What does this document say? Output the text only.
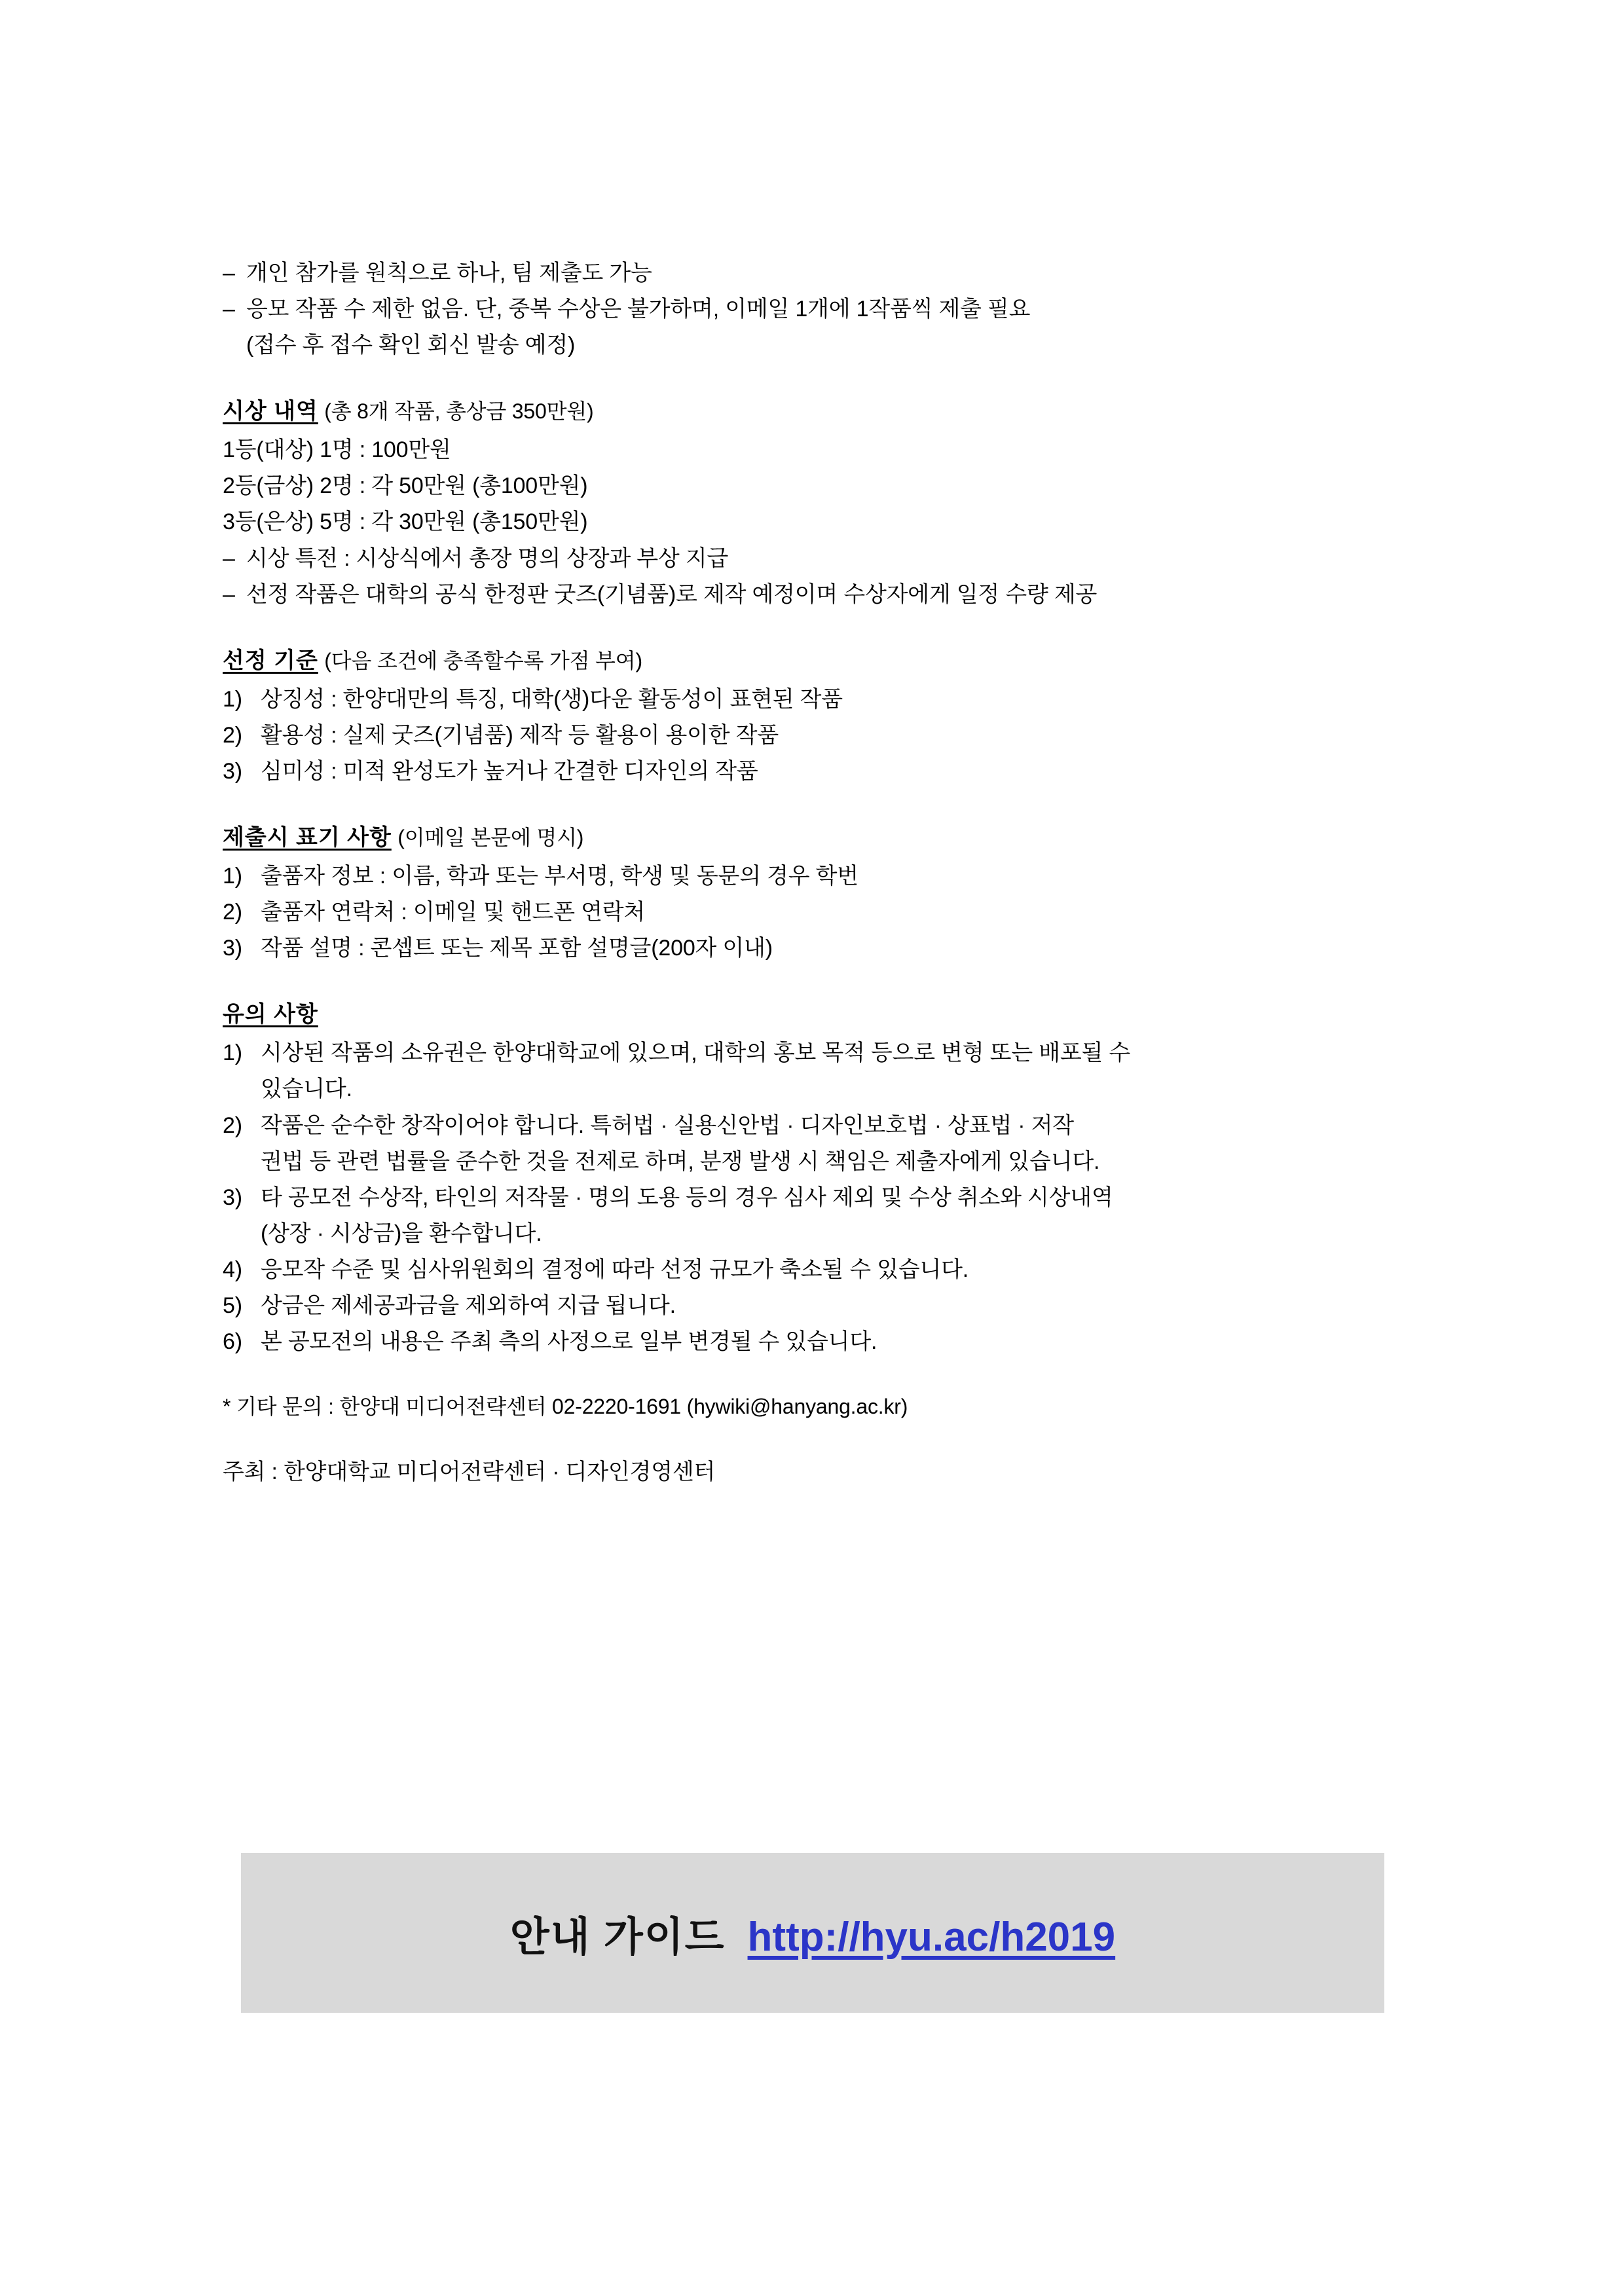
– 개인 참가를 원칙으로 하나, 팀 제출도 가능
– 응모 작품 수 제한 없음. 단, 중복 수상은 불가하며, 이메일 1개에 1작품씩 제출 필요
(접수 후 접수 확인 회신 발송 예정)
시상 내역 (총 8개 작품, 총상금 350만원)
1등(대상) 1명 : 100만원
2등(금상) 2명 : 각 50만원 (총100만원)
3등(은상) 5명 : 각 30만원 (총150만원)
– 시상 특전 : 시상식에서 총장 명의 상장과 부상 지급
– 선정 작품은 대학의 공식 한정판 굿즈(기념품)로 제작 예정이며 수상자에게 일정 수량 제공
선정 기준 (다음 조건에 충족할수록 가점 부여)
1) 상징성 : 한양대만의 특징, 대학(생)다운 활동성이 표현된 작품
2) 활용성 : 실제 굿즈(기념품) 제작 등 활용이 용이한 작품
3) 심미성 : 미적 완성도가 높거나 간결한 디자인의 작품
제출시 표기 사항 (이메일 본문에 명시)
1) 출품자 정보 : 이름, 학과 또는 부서명, 학생 및 동문의 경우 학번
2) 출품자 연락처 : 이메일 및 핸드폰 연락처
3) 작품 설명 : 콘셉트 또는 제목 포함 설명글(200자 이내)
유의 사항
1) 시상된 작품의 소유권은 한양대학교에 있으며, 대학의 홍보 목적 등으로 변형 또는 배포될 수
있습니다.
2) 작품은 순수한 창작이어야 합니다. 특허법 · 실용신안법 · 디자인보호법 · 상표법 · 저작
권법 등 관련 법률을 준수한 것을 전제로 하며, 분쟁 발생 시 책임은 제출자에게 있습니다.
3) 타 공모전 수상작, 타인의 저작물 · 명의 도용 등의 경우 심사 제외 및 수상 취소와 시상내역
(상장 · 시상금)을 환수합니다.
4) 응모작 수준 및 심사위원회의 결정에 따라 선정 규모가 축소될 수 있습니다.
5) 상금은 제세공과금을 제외하여 지급 됩니다.
6) 본 공모전의 내용은 주최 측의 사정으로 일부 변경될 수 있습니다.
* 기타 문의 : 한양대 미디어전략센터 02-2220-1691 (hywiki@hanyang.ac.kr)
주최 : 한양대학교 미디어전략센터 · 디자인경영센터
안내 가이드 http://hyu.ac/h2019
